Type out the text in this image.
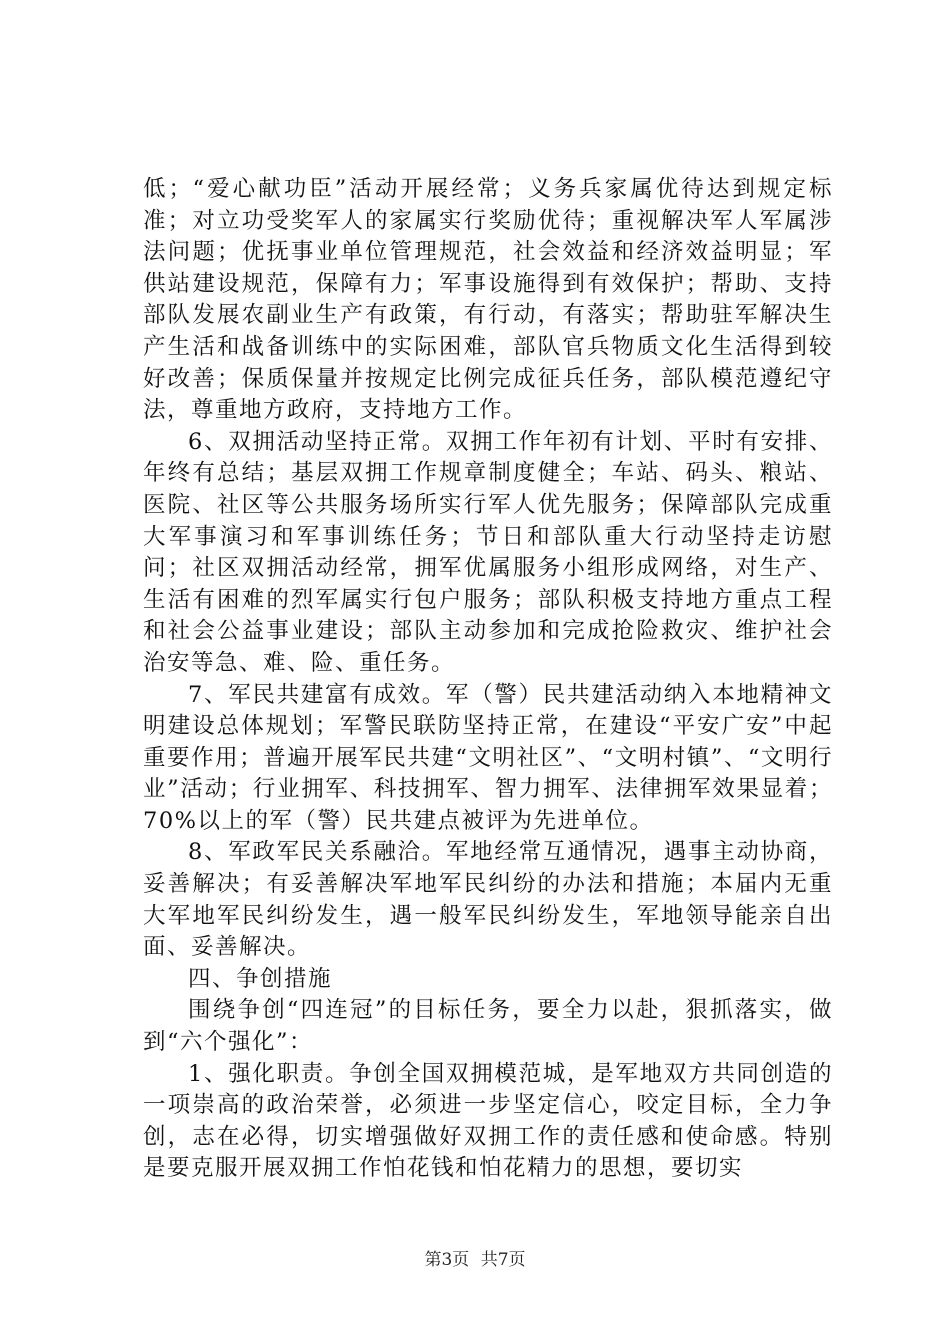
低；“爱心献功臣”活动开展经常；义务兵家属优待达到规定标准；对立功受奖军人的家属实行奖励优待；重视解决军人军属涉法问题；优抚事业单位管理规范，社会效益和经济效益明显；军供站建设规范，保障有力；军事设施得到有效保护；帮助、支持部队发展农副业生产有政策，有行动，有落实；帮助驻军解决生产生活和战备训练中的实际困难，部队官兵物质文化生活得到较好改善；保质保量并按规定比例完成征兵任务，部队模范遵纪守法，尊重地方政府，支持地方工作。

6、双拥活动坚持正常。双拥工作年初有计划、平时有安排、年终有总结；基层双拥工作规章制度健全；车站、码头、粮站、医院、社区等公共服务场所实行军人优先服务；保障部队完成重大军事演习和军事训练任务；节日和部队重大行动坚持走访慰问；社区双拥活动经常，拥军优属服务小组形成网络，对生产、生活有困难的烈军属实行包户服务；部队积极支持地方重点工程和社会公益事业建设；部队主动参加和完成抢险救灾、维护社会治安等急、难、险、重任务。

7、军民共建富有成效。军（警）民共建活动纳入本地精神文明建设总体规划；军警民联防坚持正常，在建设“平安广安”中起重要作用；普遍开展军民共建“文明社区”、“文明村镇”、“文明行业”活动；行业拥军、科技拥军、智力拥军、法律拥军效果显着；70%以上的军（警）民共建点被评为先进单位。

8、军政军民关系融洽。军地经常互通情况，遇事主动协商，妥善解决；有妥善解决军地军民纠纷的办法和措施；本届内无重大军地军民纠纷发生，遇一般军民纠纷发生，军地领导能亲自出面、妥善解决。

四、争创措施

围绕争创“四连冠”的目标任务，要全力以赴，狠抓落实，做到“六个强化”：

1、强化职责。争创全国双拥模范城，是军地双方共同创造的一项崇高的政治荣誉，必须进一步坚定信心，咬定目标，全力争创，志在必得，切实增强做好双拥工作的责任感和使命感。特别是要克服开展双拥工作怕花钱和怕花精力的思想，要切实

第3页 共7页
